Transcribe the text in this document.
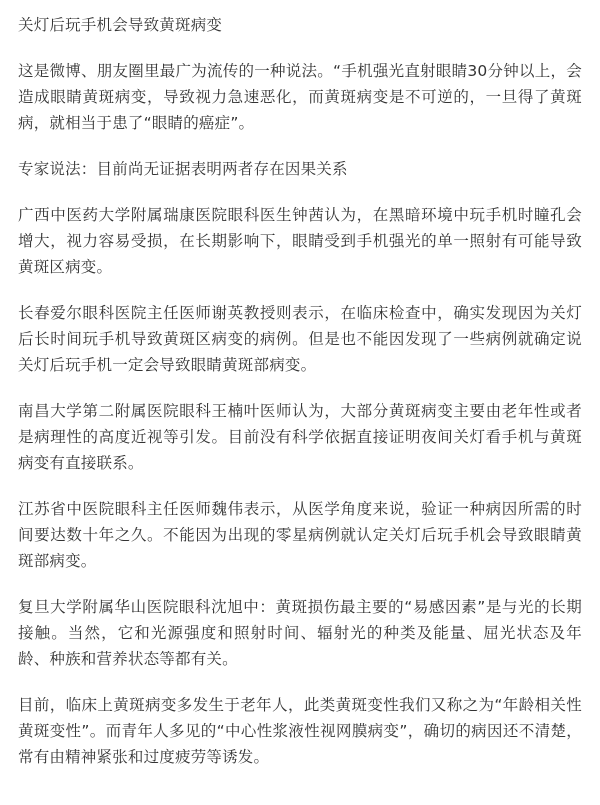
关灯后玩手机会导致黄斑病变

这是微博、朋友圈里最广为流传的一种说法。“手机强光直射眼睛30分钟以上，会造成眼睛黄斑病变，导致视力急速恶化，而黄斑病变是不可逆的，一旦得了黄斑病，就相当于患了“眼睛的癌症”。

专家说法：目前尚无证据表明两者存在因果关系

广西中医药大学附属瑞康医院眼科医生钟茜认为，在黑暗环境中玩手机时瞳孔会增大，视力容易受损，在长期影响下，眼睛受到手机强光的单一照射有可能导致黄斑区病变。

长春爱尔眼科医院主任医师谢英教授则表示，在临床检查中，确实发现因为关灯后长时间玩手机导致黄斑区病变的病例。但是也不能因发现了一些病例就确定说关灯后玩手机一定会导致眼睛黄斑部病变。

南昌大学第二附属医院眼科王楠叶医师认为，大部分黄斑病变主要由老年性或者是病理性的高度近视等引发。目前没有科学依据直接证明夜间关灯看手机与黄斑病变有直接联系。

江苏省中医院眼科主任医师魏伟表示，从医学角度来说，验证一种病因所需的时间要达数十年之久。不能因为出现的零星病例就认定关灯后玩手机会导致眼睛黄斑部病变。

复旦大学附属华山医院眼科沈旭中：黄斑损伤最主要的“易感因素”是与光的长期接触。当然，它和光源强度和照射时间、辐射光的种类及能量、屈光状态及年龄、种族和营养状态等都有关。

目前，临床上黄斑病变多发生于老年人，此类黄斑变性我们又称之为“年龄相关性黄斑变性”。而青年人多见的“中心性浆液性视网膜病变”，确切的病因还不清楚，常有由精神紧张和过度疲劳等诱发。
